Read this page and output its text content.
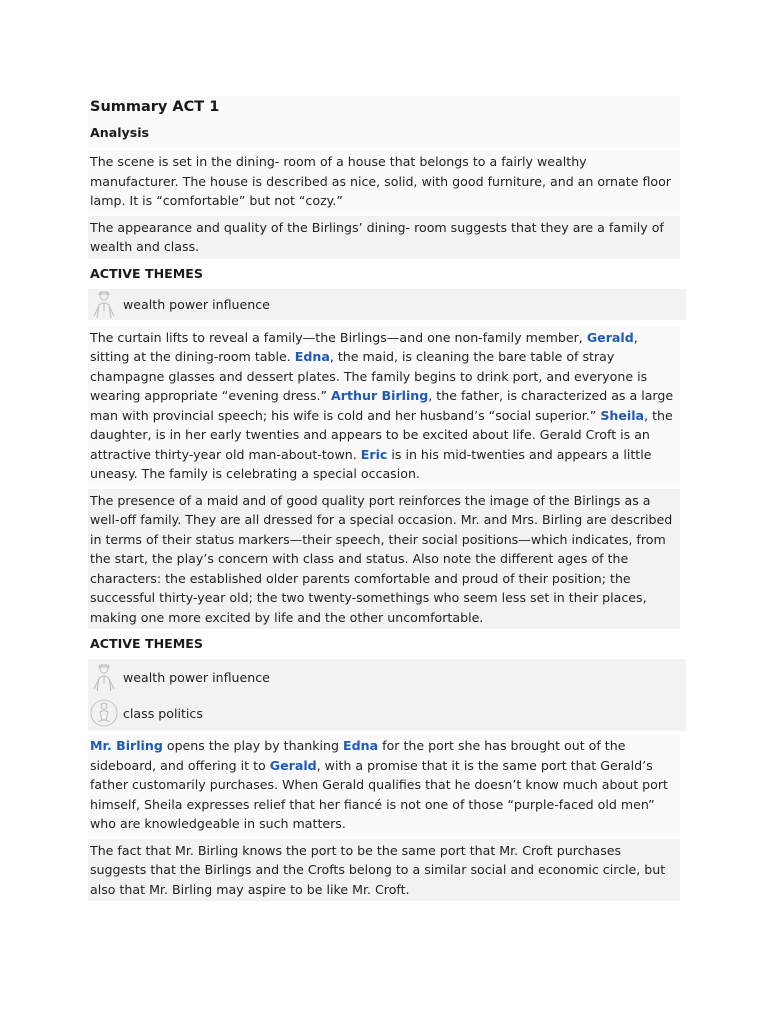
Summary ACT 1
Analysis
The scene is set in the dining- room of a house that belongs to a fairly wealthy manufacturer. The house is described as nice, solid, with good furniture, and an ornate floor lamp. It is “comfortable” but not “cozy.”
The appearance and quality of the Birlings’ dining- room suggests that they are a family of wealth and class.
ACTIVE THEMES
wealth power influence
The curtain lifts to reveal a family—the Birlings—and one non-family member, Gerald, sitting at the dining-room table. Edna, the maid, is cleaning the bare table of stray champagne glasses and dessert plates. The family begins to drink port, and everyone is wearing appropriate “evening dress.” Arthur Birling, the father, is characterized as a large man with provincial speech; his wife is cold and her husband’s “social superior.” Sheila, the daughter, is in her early twenties and appears to be excited about life. Gerald Croft is an attractive thirty-year old man-about-town. Eric is in his mid-twenties and appears a little uneasy. The family is celebrating a special occasion.
The presence of a maid and of good quality port reinforces the image of the Birlings as a well-off family. They are all dressed for a special occasion. Mr. and Mrs. Birling are described in terms of their status markers—their speech, their social positions—which indicates, from the start, the play’s concern with class and status. Also note the different ages of the characters: the established older parents comfortable and proud of their position; the successful thirty-year old; the two twenty-somethings who seem less set in their places, making one more excited by life and the other uncomfortable.
ACTIVE THEMES
wealth power influence
class politics
Mr. Birling opens the play by thanking Edna for the port she has brought out of the sideboard, and offering it to Gerald, with a promise that it is the same port that Gerald’s father customarily purchases. When Gerald qualifies that he doesn’t know much about port himself, Sheila expresses relief that her fiancé is not one of those “purple-faced old men” who are knowledgeable in such matters.
The fact that Mr. Birling knows the port to be the same port that Mr. Croft purchases suggests that the Birlings and the Crofts belong to a similar social and economic circle, but also that Mr. Birling may aspire to be like Mr. Croft.
